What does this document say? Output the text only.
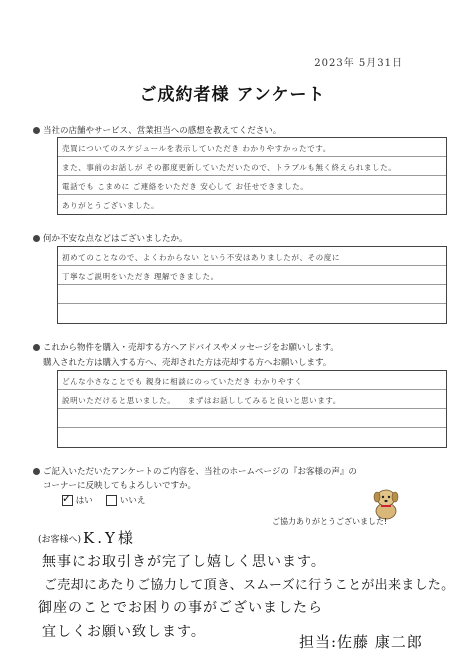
2023年 5月31日
ご成約者様 アンケート
当社の店舗やサービス、営業担当への感想を教えてください。
売買についてのスケジュールを表示していただき わかりやすかったです。
また、事前のお話しが その都度更新していただいたので、トラブルも無く終えられました。
電話でも こまめに ご連絡をいただき 安心して お任せできました。
ありがとうございました。
何か不安な点などはございましたか。
初めてのことなので、よくわからない という不安はありましたが、その度に
丁寧なご説明をいただき 理解できました。
これから物件を購入・売却する方へアドバイスやメッセージをお願いします。
購入された方は購入する方へ、売却された方は売却する方へお願いします。
どんな小さなことでも 親身に相談にのっていただき わかりやすく
説明いただけると思いました。　　まずはお話ししてみると良いと思います。
ご記入いただいたアンケートのご内容を、当社のホームページの『お客様の声』の
コーナーに反映してもよろしいですか。
✓ はい	いいえ
ご協力ありがとうございました!
(お客様へ) K.Y様
無事にお取引きが完了し嬉しく思います。
ご売却にあたりご協力して頂き、スムーズに行うことが出来ました。
御座のことでお困りの事がございましたら
宜しくお願い致します。
担当:佐藤 康二郎
